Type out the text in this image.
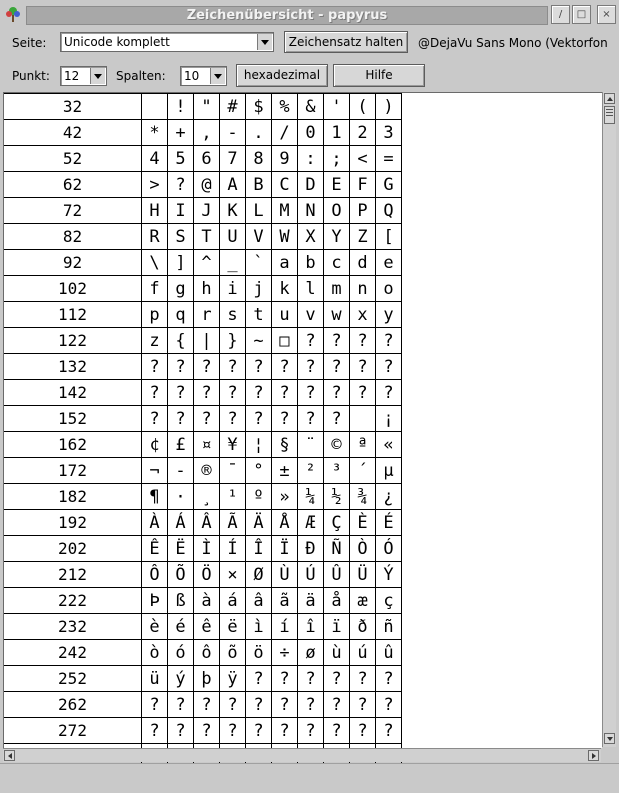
Zeichenübersicht - papyrus	/	□	×
Seite:	Unicode komplett	Zeichensatz halten	@DejaVu Sans Mono (Vektorfon
Punkt:	12	Spalten:	10	hexadezimal	Hilfe
32		!	"	#	$	%	&	'	(	)
42	*	+	,	-	.	/	0	1	2	3
52	4	5	6	7	8	9	:	;	<	=
62	>	?	@	A	B	C	D	E	F	G
72	H	I	J	K	L	M	N	O	P	Q
82	R	S	T	U	V	W	X	Y	Z	[
92	\	]	^	_	`	a	b	c	d	e
102	f	g	h	i	j	k	l	m	n	o
112	p	q	r	s	t	u	v	w	x	y
122	z	{	|	}	~	□	?	?	?	?
132	?	?	?	?	?	?	?	?	?	?
142	?	?	?	?	?	?	?	?	?	?
152	?	?	?	?	?	?	?	?		¡
162	¢	£	¤	¥	¦	§	¨	©	ª	«
172	¬	-	®	¯	°	±	²	³	´	µ
182	¶	·	¸	¹	º	»	¼	½	¾	¿
192	À	Á	Â	Ã	Ä	Å	Æ	Ç	È	É
202	Ê	Ë	Ì	Í	Î	Ï	Ð	Ñ	Ò	Ó
212	Ô	Õ	Ö	×	Ø	Ù	Ú	Û	Ü	Ý
222	Þ	ß	à	á	â	ã	ä	å	æ	ç
232	è	é	ê	ë	ì	í	î	ï	ð	ñ
242	ò	ó	ô	õ	ö	÷	ø	ù	ú	û
252	ü	ý	þ	ÿ	?	?	?	?	?	?
262	?	?	?	?	?	?	?	?	?	?
272	?	?	?	?	?	?	?	?	?	?
